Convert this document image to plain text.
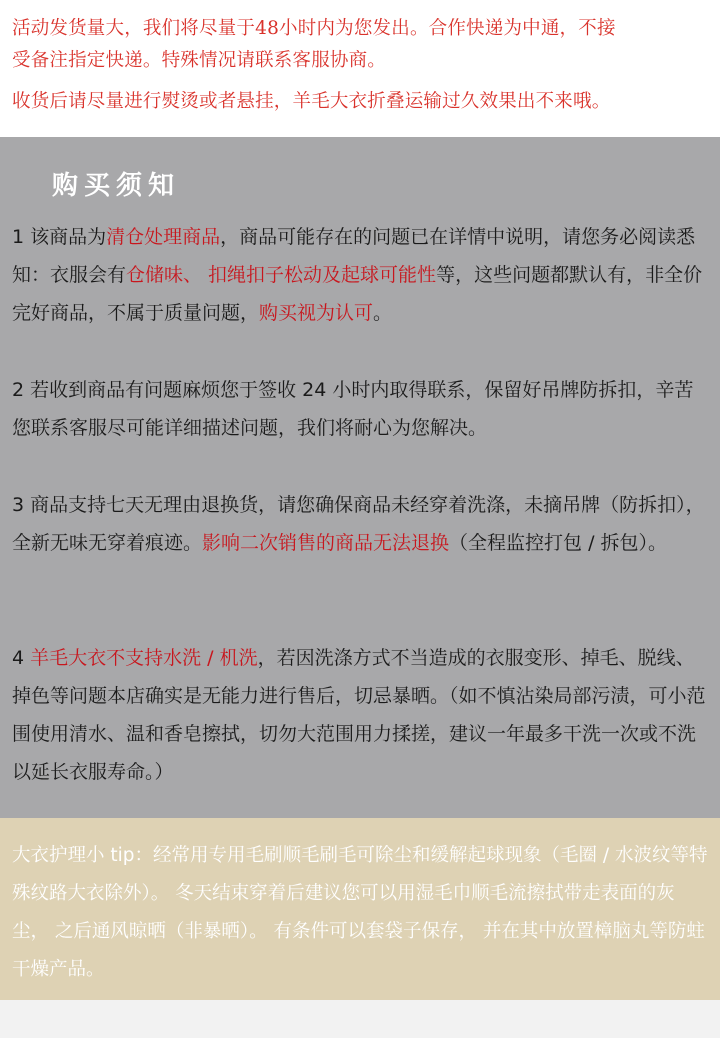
活动发货量大，我们将尽量于48小时内为您发出。合作快递为中通，不接

受备注指定快递。特殊情况请联系客服协商。

收货后请尽量进行熨烫或者悬挂，羊毛大衣折叠运输过久效果出不来哦。

购买须知
1 该商品为清仓处理商品，商品可能存在的问题已在详情中说明，请您务必阅读悉知：衣服会有仓储味、 扣绳扣子松动及起球可能性等，这些问题都默认有，非全价完好商品，不属于质量问题，购买视为认可。
2 若收到商品有问题麻烦您于签收 24 小时内取得联系，保留好吊牌防拆扣，辛苦您联系客服尽可能详细描述问题，我们将耐心为您解决。
3 商品支持七天无理由退换货，请您确保商品未经穿着洗涤，未摘吊牌（防拆扣），全新无味无穿着痕迹。影响二次销售的商品无法退换（全程监控打包 / 拆包）。
4 羊毛大衣不支持水洗 / 机洗，若因洗涤方式不当造成的衣服变形、掉毛、脱线、掉色等问题本店确实是无能力进行售后，切忌暴晒。（如不慎沾染局部污渍，可小范围使用清水、温和香皂擦拭，切勿大范围用力揉搓，建议一年最多干洗一次或不洗以延长衣服寿命。）

大衣护理小 tip：经常用专用毛刷顺毛刷毛可除尘和缓解起球现象（毛圈 / 水波纹等特殊纹路大衣除外）。 冬天结束穿着后建议您可以用湿毛巾顺毛流擦拭带走表面的灰尘， 之后通风晾晒（非暴晒）。 有条件可以套袋子保存， 并在其中放置樟脑丸等防蛀干燥产品。
